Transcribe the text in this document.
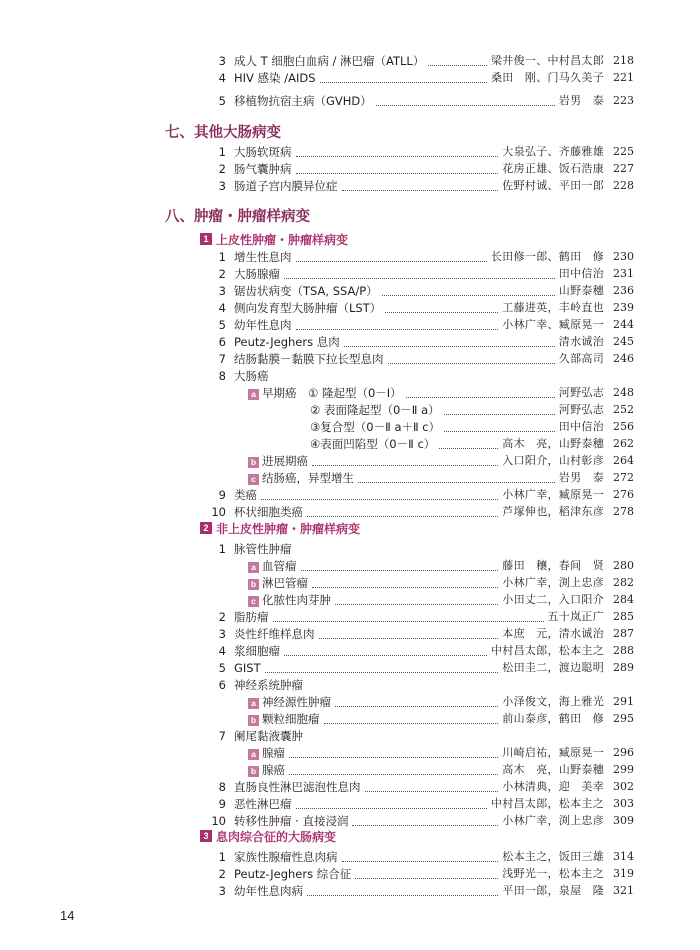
七、其他大肠病变
八、肿瘤・肿瘤样病变
1 上皮性肿瘤・肿瘤样病变
2 非上皮性肿瘤・肿瘤样病变
3 息肉综合征的大肠病变
3 成人 T 细胞白血病 / 淋巴瘤（ATLL）	梁井俊一、中村昌太郎 218
4 HIV 感染 /AIDS	桑田　刚、门马久美子 221
5 移植物抗宿主病（GVHD）	岩男　泰 223
1 大肠软斑病	大泉弘子、齐藤雅雄 225
2 肠气囊肿病	花房正雄、饭石浩康 227
3 肠道子宫内膜异位症	佐野村诚、平田一郎 228
1 增生性息肉	长田修一郎、鹤田　修 230
2 大肠腺瘤	田中信治 231
3 锯齿状病变（TSA, SSA/P）	山野泰穗 236
4 侧向发育型大肠肿瘤（LST）	工藤进英，丰岭直也 239
5 幼年性息肉	小林广幸、臧原晃一 244
6 Peutz-Jeghers 息肉	清水诚治 245
7 结肠黏膜－黏膜下拉长型息肉	久部高司 246
8 大肠癌
a 早期癌　① 隆起型（0－Ⅰ）	河野弘志 248
② 表面隆起型（0－Ⅱ a）	河野弘志 252
③复合型（0－Ⅱ a＋Ⅱ c）	田中信治 256
④表面凹陷型（0－Ⅱ c）	高木　亮，山野泰穗 262
b 进展期癌	入口阳介，山村彰彦 264
c 结肠癌，异型增生	岩男　泰 272
9 类癌	小林广幸，臧原晃一 276
10 杯状细胞类癌	芦塚伸也，稻津东彦 278
1 脉管性肿瘤
a 血管瘤	藤田　穰，春间　贤 280
b 淋巴管瘤	小林广幸，渕上忠彦 282
c 化脓性肉芽肿	小田丈二，入口阳介 284
2 脂肪瘤	五十岚正广 285
3 炎性纤维样息肉	本庶　元，清水诚治 287
4 浆细胞瘤	中村昌太郎，松本主之 288
5 GIST	松田圭二，渡边聪明 289
6 神经系统肿瘤
a 神经源性肿瘤	小泽俊文，海上雅光 291
b 颗粒细胞瘤	前山泰彦，鹤田　修 295
7 阑尾黏液囊肿
a 腺瘤	川崎启祐，臧原晃一 296
b 腺癌	高木　亮，山野泰穗 299
8 直肠良性淋巴滤泡性息肉	小林清典，迎　美幸 302
9 恶性淋巴瘤	中村昌太郎，松本主之 303
10 转移性肿瘤 · 直接浸润	小林广幸，渕上忠彦 309
1 家族性腺瘤性息肉病	松本主之，饭田三雄 314
2 Peutz-Jeghers 综合征	浅野光一，松本主之 319
3 幼年性息肉病	平田一郎，泉屋　隆 321
14
